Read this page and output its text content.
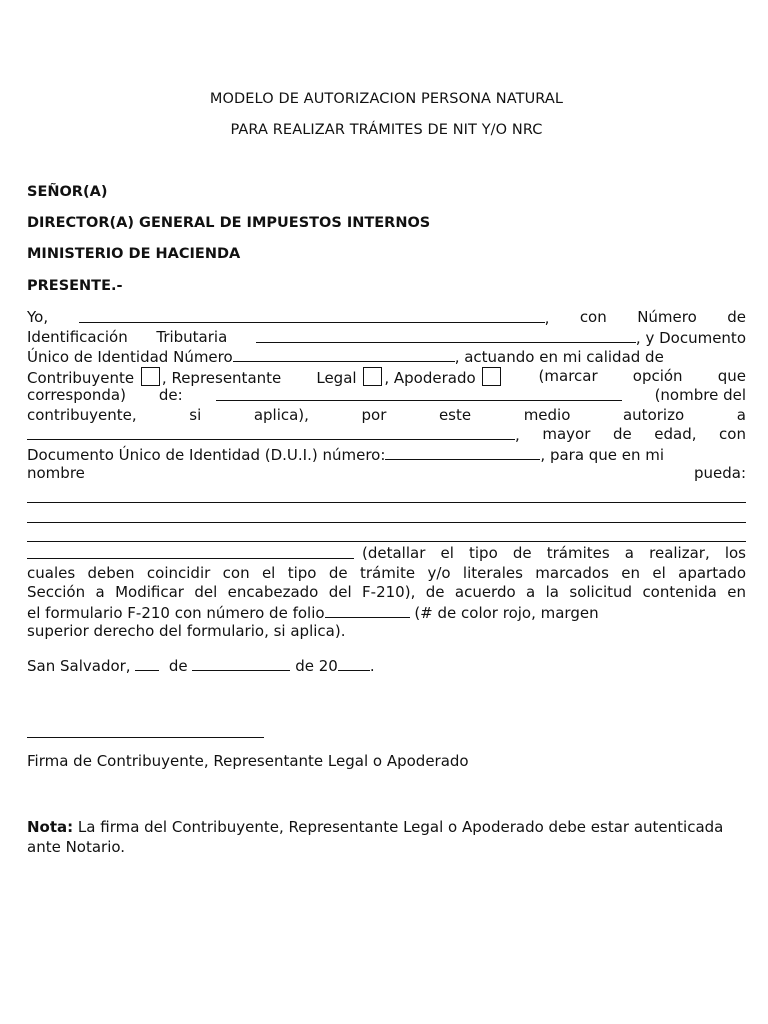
MODELO DE AUTORIZACION PERSONA NATURAL
PARA REALIZAR TRÁMITES DE NIT Y/O NRC
SEÑOR(A)
DIRECTOR(A) GENERAL DE IMPUESTOS INTERNOS
MINISTERIO DE HACIENDA
PRESENTE.-
Yo,	, con Número de
Identificación Tributaria	, y Documento
Único de Identidad Número	, actuando en mi calidad de
Contribuyente , Representante Legal , Apoderado	(marcar opción que
corresponda) de:	(nombre del
contribuyente,	si	aplica),	por	este	medio	autorizo	a
, mayor de edad, con
Documento Único de Identidad (D.U.I.) número:	, para que en mi
nombre	pueda:
(detallar el tipo de trámites a realizar, los
cuales deben coincidir con el tipo de trámite y/o literales marcados en el apartado
Sección a Modificar del encabezado del F-210), de acuerdo a la solicitud contenida en
el formulario F-210 con número de folio	(# de color rojo, margen
superior derecho del formulario, si aplica).
San Salvador,	de	de 20 .
Firma de Contribuyente, Representante Legal o Apoderado
Nota: La firma del Contribuyente, Representante Legal o Apoderado debe estar autenticada ante Notario.
